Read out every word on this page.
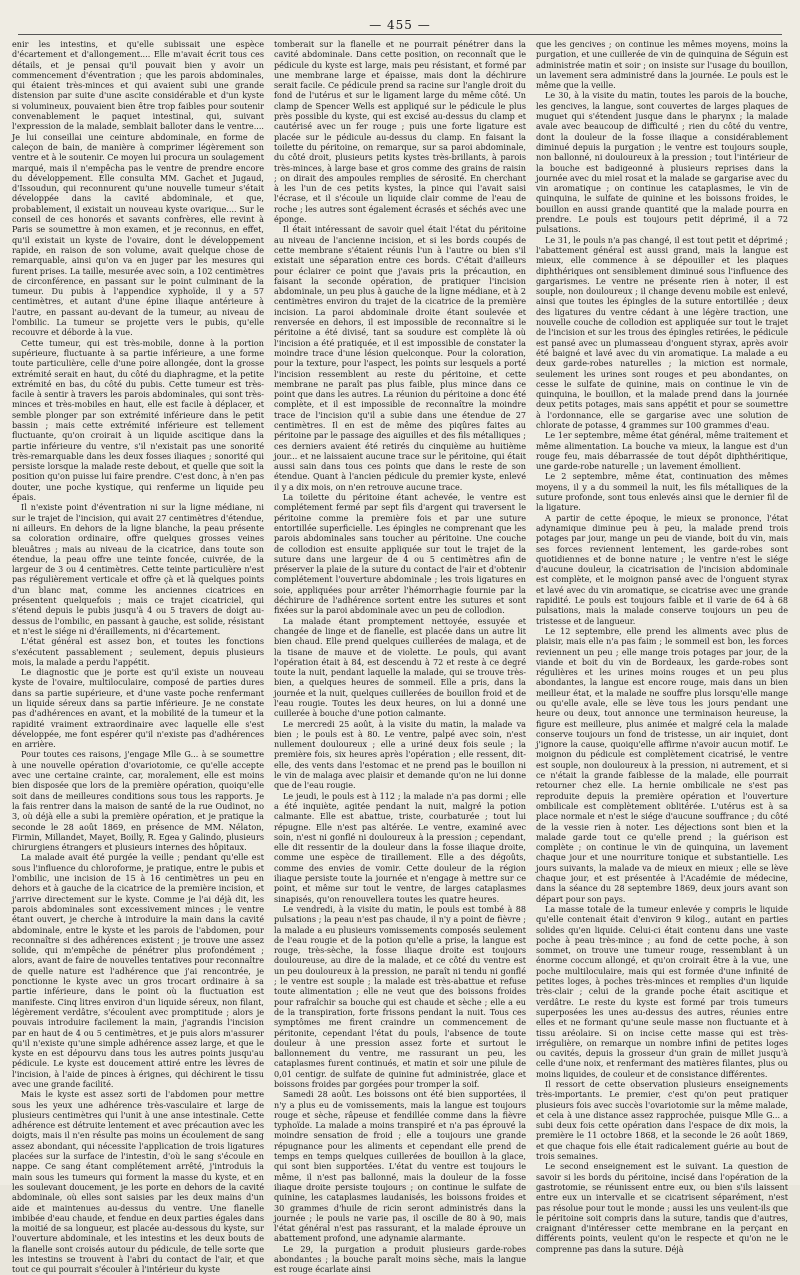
— 455 —

enir les intestins, et qu'elle subissait une espèce d'écartement et d'allongement.... Elle m'avait écrit tous ces détails, et je pensai qu'il pouvait bien y avoir un commencement d'éventration ; que les parois abdominales, qui étaient très-minces et qui avaient subi une grande distension par suite d'une ascite considérable et d'un kyste si volumineux, pouvaient bien être trop faibles pour soutenir convenablement le paquet intestinal, qui, suivant l'expression de la malade, semblait balloter dans le ventre.... Je lui conseillai une ceinture abdominale, en forme de caleçon de bain, de manière à comprimer légèrement son ventre et à le soutenir. Ce moyen lui procura un soulagement marqué, mais il n'empêcha pas le ventre de prendre encore du développement. Elle consulta MM. Gachet et Jugaud, d'Issoudun, qui reconnurent qu'une nouvelle tumeur s'était développée dans la cavité abdominale, et que, probablement, il existait un nouveau kyste ovarique.... Sur le conseil de ces honorés et savants confrères, elle revint à Paris se soumettre à mon examen, et je reconnus, en effet, qu'il existait un kyste de l'ovaire, dont le développement rapide, en raison de son volume, avait quelque chose de remarquable, ainsi qu'on va en juger par les mesures qui furent prises. La taille, mesurée avec soin, a 102 centimètres de circonférence, en passant sur le point culminant de la tumeur. Du pubis à l'appendice xyphoïde, il y a 57 centimètres, et autant d'une épine iliaque antérieure à l'autre, en passant au-devant de la tumeur, au niveau de l'ombilic. La tumeur se projette vers le pubis, qu'elle recouvre et déborde à la vue.

Cette tumeur, qui est très-mobile, donne à la portion supérieure, fluctuante à sa partie inférieure, a une forme toute particulière, celle d'une poire allongée, dont la grosse extrémité serait en haut, du côté du diaphragme, et la petite extrémité en bas, du côté du pubis. Cette tumeur est très-facile à sentir à travers les parois abdominales, qui sont très-minces et très-mobiles en haut, elle est facile à déplacer, et semble plonger par son extrémité inférieure dans le petit bassin ; mais cette extrémité inférieure est tellement fluctuante, qu'on croirait à un liquide ascitique dans la partie inférieure du ventre, s'il n'existait pas une sonorité très-remarquable dans les deux fosses iliaques ; sonorité qui persiste lorsque la malade reste debout, et quelle que soit la position qu'on puisse lui faire prendre. C'est donc, à n'en pas douter, une poche kystique, qui renferme un liquide peu épais.

Il n'existe point d'éventration ni sur la ligne médiane, ni sur le trajet de l'incision, qui avait 27 centimètres d'étendue, ni ailleurs. En dehors de la ligne blanche, la peau présente sa coloration ordinaire, offre quelques grosses veines bleuâtres ; mais au niveau de la cicatrice, dans toute son étendue, la peau offre une teinte foncée, cuivrée, de la largeur de 3 ou 4 centimètres. Cette teinte particulière n'est pas régulièrement verticale et offre çà et là quelques points d'un blanc mat, comme les anciennes cicatrices en présentent quelquefois ; mais ce trajet cicatriciel, qui s'étend depuis le pubis jusqu'à 4 ou 5 travers de doigt au-dessus de l'ombilic, en passant à gauche, est solide, résistant et n'est le siége ni d'éraillements, ni d'écartement.

L'état général est assez bon, et toutes les fonctions s'exécutent passablement ; seulement, depuis plusieurs mois, la malade a perdu l'appétit.

Le diagnostic que je porte est qu'il existe un nouveau kyste de l'ovaire, multiloculaire, composé de parties dures dans sa partie supérieure, et d'une vaste poche renfermant un liquide séreux dans sa partie inférieure. Je ne constate pas d'adhérences en avant, et la mobilité de la tumeur et la rapidité vraiment extraordinaire avec laquelle elle s'est développée, me font espérer qu'il n'existe pas d'adhérences en arrière.

Pour toutes ces raisons, j'engage Mlle G... à se soumettre à une nouvelle opération d'ovariotomie, ce qu'elle accepte avec une certaine crainte, car, moralement, elle est moins bien disposée que lors de la première opération, quoiqu'elle soit dans de meilleures conditions sous tous les rapports. Je la fais rentrer dans la maison de santé de la rue Oudinot, no 3, où déjà elle a subi la première opération, et je pratique la seconde le 28 août 1869, en présence de MM. Nélaton, Firmin, Millandet, Mayet, Boilly, R. Egea y Galindo, plusieurs chirurgiens étrangers et plusieurs internes des hôpitaux.

La malade avait été purgée la veille ; pendant qu'elle est sous l'influence du chloroforme, je pratique, entre le pubis et l'ombilic, une incision de 15 à 16 centimètres un peu en dehors et à gauche de la cicatrice de la première incision, et j'arrive directement sur le kyste. Comme je l'ai déjà dit, les parois abdominales sont excessivement minces ; le ventre étant ouvert, je cherche à introduire la main dans la cavité abdominale, entre le kyste et les parois de l'abdomen, pour reconnaître si des adhérences existent ; je trouve une assez solide, qui m'empêche de pénétrer plus profondément ; alors, avant de faire de nouvelles tentatives pour reconnaître de quelle nature est l'adhérence que j'ai rencontrée, je ponctionne le kyste avec un gros trocart ordinaire à sa partie inférieure, dans le point où la fluctuation est manifeste. Cinq litres environ d'un liquide séreux, non filant, légèrement verdâtre, s'écoulent avec promptitude ; alors je pouvais introduire facilement la main, j'agrandis l'incision par en haut de 4 ou 5 centimètres, et je puis alors m'assurer qu'il n'existe qu'une simple adhérence assez large, et que le kyste en est dépourvu dans tous les autres points jusqu'au pédicule. Le kyste est doucement attiré entre les lèvres de l'incision, à l'aide de pinces à érignes, qui déchirent le tissu avec une grande facilité.

Mais le kyste est assez sorti de l'abdomen pour mettre sous les yeux une adhérence très-vasculaire et large de plusieurs centimètres qui l'unit à une anse intestinale. Cette adhérence est détruite lentement et avec précaution avec les doigts, mais il n'en résulte pas moins un écoulement de sang assez abondant, qui nécessite l'application de trois ligatures placées sur la surface de l'intestin, d'où le sang s'écoule en nappe. Ce sang étant complétement arrêté, j'introduis la main sous les tumeurs qui forment la masse du kyste, et en les soulevant doucement, je les porte en dehors de la cavité abdominale, où elles sont saisies par les deux mains d'un aide et maintenues au-dessus du ventre. Une flanelle imbibée d'eau chaude, et fendue en deux parties égales dans la moitié de sa longueur, est placée au-dessous du kyste, sur l'ouverture abdominale, et les intestins et les deux bouts de la flanelle sont croisés autour du pédicule, de telle sorte que les intestins se trouvent à l'abri du contact de l'air, et que tout ce qui pourrait s'écouler à l'intérieur du kyste

tomberait sur la flanelle et ne pourrait pénétrer dans la cavité abdominale. Dans cette position, on reconnaît que le pédicule du kyste est large, mais peu résistant, et formé par une membrane large et épaisse, mais dont la déchirure serait facile. Ce pédicule prend sa racine sur l'angle droit du fond de l'utérus et sur le ligament large du même côté. Un clamp de Spencer Wells est appliqué sur le pédicule le plus près possible du kyste, qui est excisé au-dessus du clamp et cautérisé avec un fer rouge ; puis une forte ligature est placée sur le pédicule au-dessus du clamp. En faisant la toilette du péritoine, on remarque, sur sa paroi abdominale, du côté droit, plusieurs petits kystes très-brillants, à parois très-minces, à large base et gros comme des grains de raisin ; on dirait des ampoules remplies de sérosité. En cherchant à les l'un de ces petits kystes, la pince qui l'avait saisi l'écrase, et il s'écoule un liquide clair comme de l'eau de roche ; les autres sont également écrasés et séchés avec une éponge.

Il était intéressant de savoir quel était l'état du péritoine au niveau de l'ancienne incision, et si les bords coupés de cette membrane s'étaient réunis l'un à l'autre ou bien s'il existait une séparation entre ces bords. C'était d'ailleurs pour éclairer ce point que j'avais pris la précaution, en faisant la seconde opération, de pratiquer l'incision abdominale, un peu plus à gauche de la ligne médiane, et à 2 centimètres environ du trajet de la cicatrice de la première incision. La paroi abdominale droite étant soulevée et renversée en dehors, il est impossible de reconnaître si le péritoine a été divisé, tant sa soudure est complète là où l'incision a été pratiquée, et il est impossible de constater la moindre trace d'une lésion quelconque. Pour la coloration, pour la texture, pour l'aspect, les points sur lesquels a porté l'incision ressemblent au reste du péritoine, et cette membrane ne paraît pas plus faible, plus mince dans ce point que dans les autres. La réunion du péritoine a donc été complète, et il est impossible de reconnaître la moindre trace de l'incision qu'il a subie dans une étendue de 27 centimètres. Il en est de même des piqûres faites au péritoine par le passage des aiguilles et des fils métalliques ; ces derniers avaient été retirés du cinquième au huitième jour... et ne laissaient aucune trace sur le péritoine, qui était aussi sain dans tous ces points que dans le reste de son étendue. Quant à l'ancien pédicule du premier kyste, enlevé il y a dix mois, on n'en retrouve aucune trace.

La toilette du péritoine étant achevée, le ventre est complétement fermé par sept fils d'argent qui traversent le péritoine comme la première fois et par une suture entortillée superficielle. Les épingles ne comprenant que les parois abdominales sans toucher au péritoine. Une couche de collodion est ensuite appliquée sur tout le trajet de la suture dans une largeur de 4 ou 5 centimètres afin de préserver la plaie de la suture du contact de l'air et d'obtenir complétement l'ouverture abdominale ; les trois ligatures en soie, appliquées pour arrêter l'hémorrhagie fournie par la déchirure de l'adhérence sortent entre les sutures et sont fixées sur la paroi abdominale avec un peu de collodion.

La malade étant promptement nettoyée, essuyée et changée de linge et de flanelle, est placée dans un autre lit bien chaud. Elle prend quelques cuillerées de malaga, et de la tisane de mauve et de violette. Le pouls, qui avant l'opération était à 84, est descendu à 72 et reste à ce degré toute la nuit, pendant laquelle la malade, qui se trouve très-bien, a quelques heures de sommeil. Elle a pris, dans la journée et la nuit, quelques cuillerées de bouillon froid et de l'eau rougie. Toutes les deux heures, on lui a donné une cuillerée à bouche d'une potion calmante.

Le mercredi 25 août, à la visite du matin, la malade va bien ; le pouls est à 80. Le ventre, palpé avec soin, n'est nullement douloureux ; elle a uriné deux fois seule ; la première fois, six heures après l'opération ; elle ressent, dit-elle, des vents dans l'estomac et ne prend pas le bouillon ni le vin de malaga avec plaisir et demande qu'on ne lui donne que de l'eau rougie.

Le jeudi, le pouls est à 112 ; la malade n'a pas dormi ; elle a été inquiète, agitée pendant la nuit, malgré la potion calmante. Elle est abattue, triste, courbaturée ; tout lui répugne. Elle n'est pas altérée. Le ventre, examiné avec soin, n'est ni gonflé ni douloureux à la pression ; cependant, elle dit ressentir de la douleur dans la fosse iliaque droite, comme une espèce de tiraillement. Elle a des dégoûts, comme des envies de vomir. Cette douleur de la région iliaque persiste toute la journée et n'engage à mettre sur ce point, et même sur tout le ventre, de larges cataplasmes sinapisés, qu'on renouvellera toutes les quatre heures.

Le vendredi, à la visite du matin, le pouls est tombé à 88 pulsations ; la peau n'est pas chaude, il n'y a point de fièvre ; la malade a eu plusieurs vomissements composés seulement de l'eau rougie et de la potion qu'elle a prise, la langue est rouge, très-sèche, la fosse iliaque droite est toujours douloureuse, au dire de la malade, et ce côté du ventre est un peu douloureux à la pression, ne paraît ni tendu ni gonflé ; le ventre est souple ; la malade est très-abattue et refuse toute alimentation ; elle ne veut que des boissons froides pour rafraîchir sa bouche qui est chaude et sèche ; elle a eu de la transpiration, forte frissons pendant la nuit. Tous ces symptômes me firent craindre un commencement de péritonite, cependant l'état du pouls, l'absence de toute douleur à une pression assez forte et surtout le ballonnement du ventre, me rassurant un peu, les cataplasmes furent continués, et matin et soir une pilule de 0,01 centigr. de sulfate de quinine fut administrée, glace et boissons froides par gorgées pour tromper la soif.

Samedi 28 août. Les boissons ont été bien supportées, il n'y a plus eu de vomissements, mais la langue est toujours rouge et sèche, râpeuse et fendillée comme dans la fièvre typhoïde. La malade a moins transpiré et n'a pas éprouvé la moindre sensation de froid ; elle a toujours une grande répugnance pour les aliments et cependant elle prend de temps en temps quelques cuillerées de bouillon à la glace, qui sont bien supportées. L'état du ventre est toujours le même, il n'est pas ballonné, mais la douleur de la fosse iliaque droite persiste toujours ; on continue le sulfate de quinine, les cataplasmes laudanisés, les boissons froides et 30 grammes d'huile de ricin seront administrés dans la journée ; le pouls ne varie pas, il oscille de 80 à 90, mais l'état général n'est pas rassurant, et la malade éprouve un abattement profond, une adynamie alarmante.

Le 29, la purgation a produit plusieurs garde-robes abondantes ; la bouche paraît moins sèche, mais la langue est rouge écarlate ainsi

que les gencives ; on continue les mêmes moyens, moins la purgation, et une cuillerée de vin de quinquina de Séguin est administrée matin et soir ; on insiste sur l'usage du bouillon, un lavement sera administré dans la journée. Le pouls est le même que la veille.

Le 30, à la visite du matin, toutes les parois de la bouche, les gencives, la langue, sont couvertes de larges plaques de muguet qui s'étendent jusque dans le pharynx ; la malade avale avec beaucoup de difficulté ; rien du côté du ventre, dont la douleur de la fosse iliaque a considérablement diminué depuis la purgation ; le ventre est toujours souple, non ballonné, ni douloureux à la pression ; tout l'intérieur de la bouche est badigeonné à plusieurs reprises dans la journée avec du miel rosat et la malade se gargarise avec du vin aromatique ; on continue les cataplasmes, le vin de quinquina, le sulfate de quinine et les boissons froides, le bouillon en aussi grande quantité que la malade pourra en prendre. Le pouls est toujours petit déprimé, il a 72 pulsations.

Le 31, le pouls n'a pas changé, il est tout petit et déprimé ; l'abattement général est aussi grand, mais la langue est mieux, elle commence à se dépouiller et les plaques diphthériques ont sensiblement diminué sous l'influence des gargarismes. Le ventre ne présente rien à noter, il est souple, non douloureux ; il change devenu mobile est enlevé, ainsi que toutes les épingles de la suture entortillée ; deux des ligatures du ventre cédant à une légère traction, une nouvelle couche de collodion est appliquée sur tout le trajet de l'incision et sur les trous des épingles retirées, le pédicule est pansé avec un plumasseau d'onguent styrax, après avoir été baigné et lavé avec du vin aromatique. La malade a eu deux garde-robes naturelles ; la miction est normale, seulement les urines sont rouges et peu abondantes, on cesse le sulfate de quinine, mais on continue le vin de quinquina, le bouillon, et la malade prend dans la journée deux petits potages, mais sans appétit et pour se soumettre à l'ordonnance, elle se gargarise avec une solution de chlorate de potasse, 4 grammes sur 100 grammes d'eau.

Le 1er septembre, même état général, même traitement et même alimentation. La bouche va mieux, la langue est d'un rouge feu, mais débarrassée de tout dépôt diphthéritique, une garde-robe naturelle ; un lavement émollient.

Le 2 septembre, même état, continuation des mêmes moyens, il y a du sommeil la nuit, les fils métalliques de la suture profonde, sont tous enlevés ainsi que le dernier fil de la ligature.

A partir de cette époque, le mieux se prononce, l'état adynamique diminue peu à peu, la malade prend trois potages par jour, mange un peu de viande, boit du vin, mais ses forces reviennent lentement, les garde-robes sont quotidiennes et de bonne nature ; le ventre n'est le siége d'aucune douleur, la cicatrisation de l'incision abdominale est complète, et le moignon pansé avec de l'onguent styrax et lavé avec du vin aromatique, se cicatrise avec une grande rapidité. Le pouls est toujours faible et il varie de 64 à 68 pulsations, mais la malade conserve toujours un peu de tristesse et de langueur.

Le 12 septembre, elle prend les aliments avec plus de plaisir, mais elle n'a pas faim ; le sommeil est bon, les forces reviennent un peu ; elle mange trois potages par jour, de la viande et boit du vin de Bordeaux, les garde-robes sont régulières et les urines moins rouges et un peu plus abondantes, la langue est encore rouge, mais dans un bien meilleur état, et la malade ne souffre plus lorsqu'elle mange ou qu'elle avale, elle se lève tous les jours pendant une heure ou deux, tout annonce une terminaison heureuse, la figure est meilleure, plus animée et malgré cela la malade conserve toujours un fond de tristesse, un air inquiet, dont j'ignore la cause, quoiqu'elle affirme n'avoir aucun motif. Le moignon du pédicule est complètement cicatrisé, le ventre est souple, non douloureux à la pression, ni autrement, et si ce n'était la grande faiblesse de la malade, elle pourrait retourner chez elle. La hernie ombilicale ne s'est pas reproduite depuis la première opération et l'ouverture ombilicale est complètement oblitérée. L'utérus est à sa place normale et n'est le siége d'aucune souffrance ; du côté de la vessie rien à noter. Les déjections sont bien et la malade garde tout ce qu'elle prend ; la guérison est complète ; on continue le vin de quinquina, un lavement chaque jour et une nourriture tonique et substantielle. Les jours suivants, la malade va de mieux en mieux ; elle se lève chaque jour, et est présentée à l'Académie de médecine, dans la séance du 28 septembre 1869, deux jours avant son départ pour son pays.

La masse totale de la tumeur enlevée y compris le liquide qu'elle contenait était d'environ 9 kilog., autant en parties solides qu'en liquide. Celui-ci était contenu dans une vaste poche à peau très-mince ; au fond de cette poche, à son sommet, on trouve une tumeur rouge, ressemblant à un énorme coccum allongé, et qu'on croirait être à la vue, une poche multiloculaire, mais qui est formée d'une infinité de petites loges, à poches très-minces et remplies d'un liquide très-clair ; celui de la grande poche était ascitique et verdâtre. Le reste du kyste est formé par trois tumeurs superposées les unes au-dessus des autres, réunies entre elles et ne formant qu'une seule masse non fluctuante et à tissu aréolaire. Si on incise cette masse qui est très-irrégulière, on remarque un nombre infini de petites loges ou cavités, depuis la grosseur d'un grain de millet jusqu'à celle d'une noix, et renfermant des matières filantes, plus ou moins liquides, de couleur et de consistance différentes.

Il ressort de cette observation plusieurs enseignements très-importants. Le premier, c'est qu'on peut pratiquer plusieurs fois avec succès l'ovariotomie sur la même malade, et cela à une distance assez rapprochée, puisque Mlle G... a subi deux fois cette opération dans l'espace de dix mois, la première le 11 octobre 1868, et la seconde le 26 août 1869, et que chaque fois elle était radicalement guérie au bout de trois semaines.

Le second enseignement est le suivant. La question de savoir si les bords du péritoine, incisé dans l'opération de la gastrotomie, se réunissent entre eux, ou bien s'ils laissent entre eux un intervalle et se cicatrisent séparément, n'est pas résolue pour tout le monde ; aussi les uns veulent-ils que le péritoine soit compris dans la suture, tandis que d'autres, craignant d'intéresser cette membrane en la perçant en différents points, veulent qu'on le respecte et qu'on ne le comprenne pas dans la suture. Déjà
